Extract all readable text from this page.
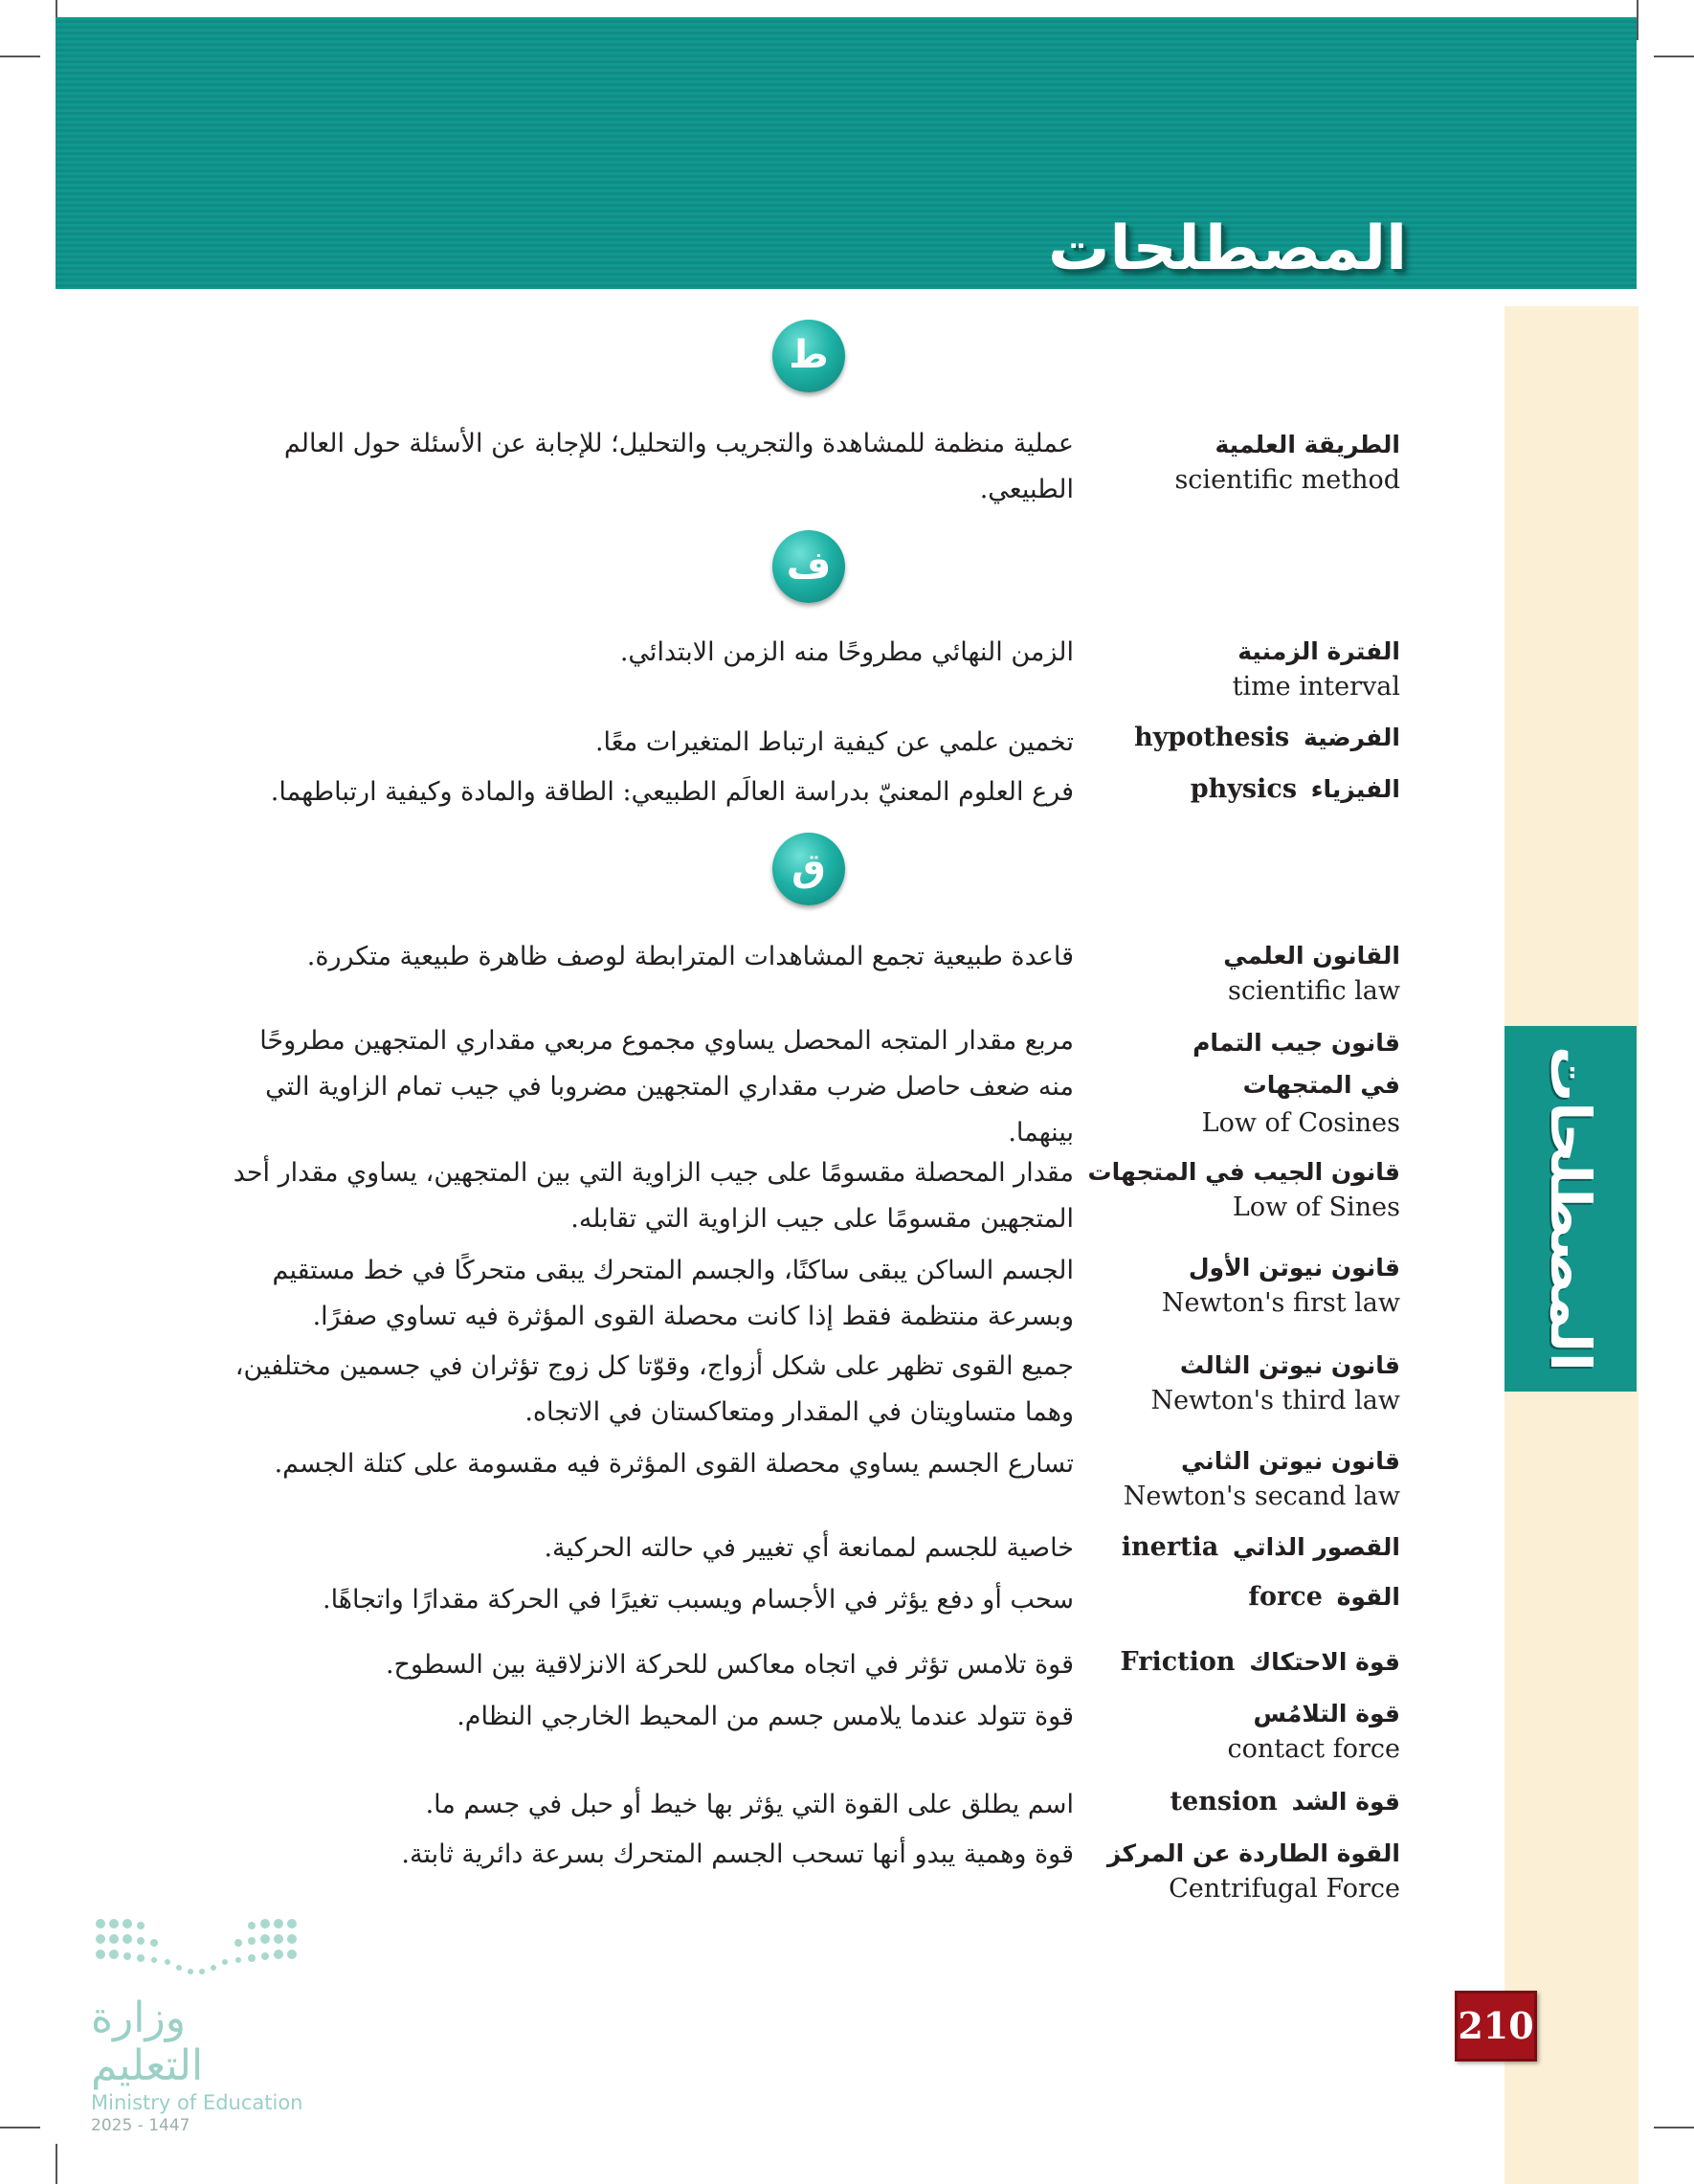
المصطلحات
المصطلحات
ط
ف
ق
الطريقة العلمية
scientific method
عملية منظمة للمشاهدة والتجريب والتحليل؛ للإجابة عن الأسئلة حول العالم الطبيعي.
الفترة الزمنية
time interval
الزمن النهائي مطروحًا منه الزمن الابتدائي.
الفرضية hypothesis
تخمين علمي عن كيفية ارتباط المتغيرات معًا.
الفيزياء physics
فرع العلوم المعنيّ بدراسة العالَم الطبيعي: الطاقة والمادة وكيفية ارتباطهما.
القانون العلمي
scientific law
قاعدة طبيعية تجمع المشاهدات المترابطة لوصف ظاهرة طبيعية متكررة.
قانون جيب التمام في المتجهات
Low of Cosines
مربع مقدار المتجه المحصل يساوي مجموع مربعي مقداري المتجهين مطروحًا منه ضعف حاصل ضرب مقداري المتجهين مضروبا في جيب تمام الزاوية التي بينهما.
قانون الجيب في المتجهات
Low of Sines
مقدار المحصلة مقسومًا على جيب الزاوية التي بين المتجهين، يساوي مقدار أحد المتجهين مقسومًا على جيب الزاوية التي تقابله.
قانون نيوتن الأول
Newton's first law
الجسم الساكن يبقى ساكنًا، والجسم المتحرك يبقى متحركًا في خط مستقيم وبسرعة منتظمة فقط إذا كانت محصلة القوى المؤثرة فيه تساوي صفرًا.
قانون نيوتن الثالث
Newton's third law
جميع القوى تظهر على شكل أزواج، وقوّتا كل زوج تؤثران في جسمين مختلفين، وهما متساويتان في المقدار ومتعاكستان في الاتجاه.
قانون نيوتن الثاني
Newton's secand law
تسارع الجسم يساوي محصلة القوى المؤثرة فيه مقسومة على كتلة الجسم.
القصور الذاتي inertia
خاصية للجسم لممانعة أي تغيير في حالته الحركية.
القوة force
سحب أو دفع يؤثر في الأجسام ويسبب تغيرًا في الحركة مقدارًا واتجاهًا.
قوة الاحتكاك Friction
قوة تلامس تؤثر في اتجاه معاكس للحركة الانزلاقية بين السطوح.
قوة التلامُس
contact force
قوة تتولد عندما يلامس جسم من المحيط الخارجي النظام.
قوة الشد tension
اسم يطلق على القوة التي يؤثر بها خيط أو حبل في جسم ما.
القوة الطاردة عن المركز
Centrifugal Force
قوة وهمية يبدو أنها تسحب الجسم المتحرك بسرعة دائرية ثابتة.
وزارة التعليم
Ministry of Education
2025 - 1447
210
